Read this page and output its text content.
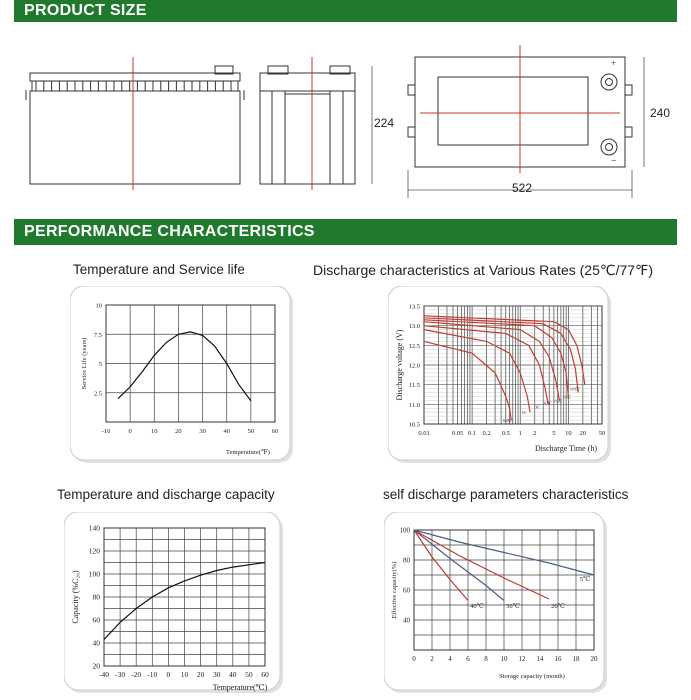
PRODUCT SIZE
224
+
−
522
240
PERFORMANCE CHARACTERISTICS
Temperature and Service life	Discharge characteristics at Various Rates (25℃/77℉)
Temperature and discharge capacity	self discharge parameters characteristics
-10	0	10	20	30	40	50	60
2.5
5
7.5
10
Temperature(℉)
Service Life (years)
0.01	0.05 0.1 0.2 0.5 1 2 5 10 20 50
10.5
11.0
11.5
12.0
12.5
13.0
13.5
Discharge Time (h)
Discharge voltage (V)
0.05C
1C
3C
0.5C 0.2C
0.1C
0.05C
-40 -30 -20 -10 0 10 20 30 40 50 60
20
40
60
80
100
120
140
Temperature(℃)
Capacity (%C₂₀)
0 2 4 6 8 10 12 14 16 18 20
40
60
80
100
Storage capacity (month)
Effective capacity(%)	40℃	30℃	20℃
5℃
